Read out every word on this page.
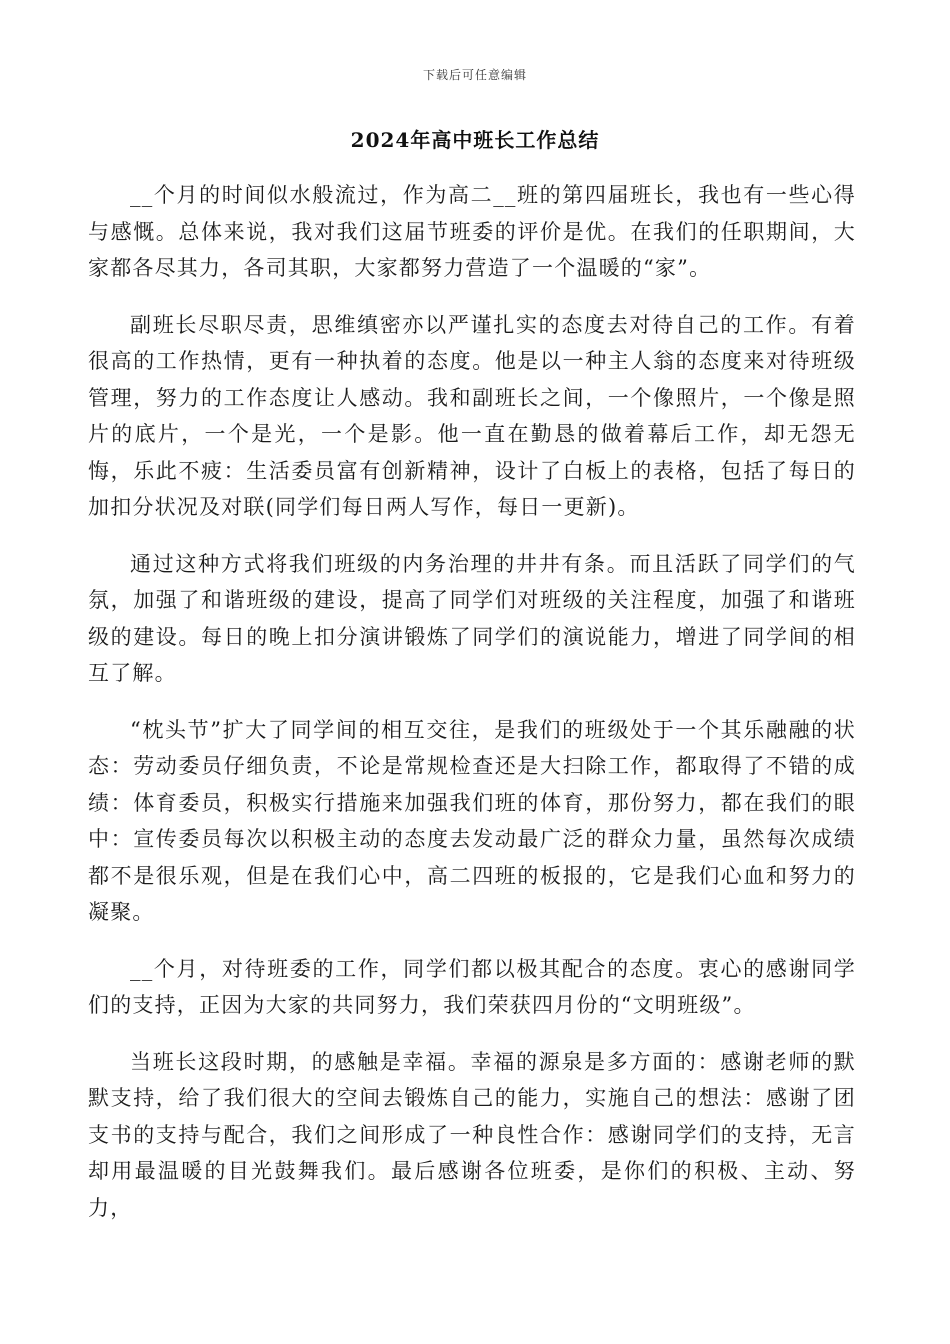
下载后可任意编辑
2024年高中班长工作总结

__个月的时间似水般流过，作为高二__班的第四届班长，我也有一些心得与感慨。总体来说，我对我们这届节班委的评价是优。在我们的任职期间，大家都各尽其力，各司其职，大家都努力营造了一个温暖的“家”。

副班长尽职尽责，思维缜密亦以严谨扎实的态度去对待自己的工作。有着很高的工作热情，更有一种执着的态度。他是以一种主人翁的态度来对待班级管理，努力的工作态度让人感动。我和副班长之间，一个像照片，一个像是照片的底片，一个是光，一个是影。他一直在勤恳的做着幕后工作，却无怨无悔，乐此不疲：生活委员富有创新精神，设计了白板上的表格，包括了每日的加扣分状况及对联(同学们每日两人写作，每日一更新)。

通过这种方式将我们班级的内务治理的井井有条。而且活跃了同学们的气氛，加强了和谐班级的建设，提高了同学们对班级的关注程度，加强了和谐班级的建设。每日的晚上扣分演讲锻炼了同学们的演说能力，增进了同学间的相互了解。

“枕头节”扩大了同学间的相互交往，是我们的班级处于一个其乐融融的状态：劳动委员仔细负责，不论是常规检查还是大扫除工作，都取得了不错的成绩：体育委员，积极实行措施来加强我们班的体育，那份努力，都在我们的眼中：宣传委员每次以积极主动的态度去发动最广泛的群众力量，虽然每次成绩都不是很乐观，但是在我们心中，高二四班的板报的，它是我们心血和努力的凝聚。

__个月，对待班委的工作，同学们都以极其配合的态度。衷心的感谢同学们的支持，正因为大家的共同努力，我们荣获四月份的“文明班级”。

当班长这段时期，的感触是幸福。幸福的源泉是多方面的：感谢老师的默默支持，给了我们很大的空间去锻炼自己的能力，实施自己的想法：感谢了团支书的支持与配合，我们之间形成了一种良性合作：感谢同学们的支持，无言却用最温暖的目光鼓舞我们。最后感谢各位班委，是你们的积极、主动、努力，
